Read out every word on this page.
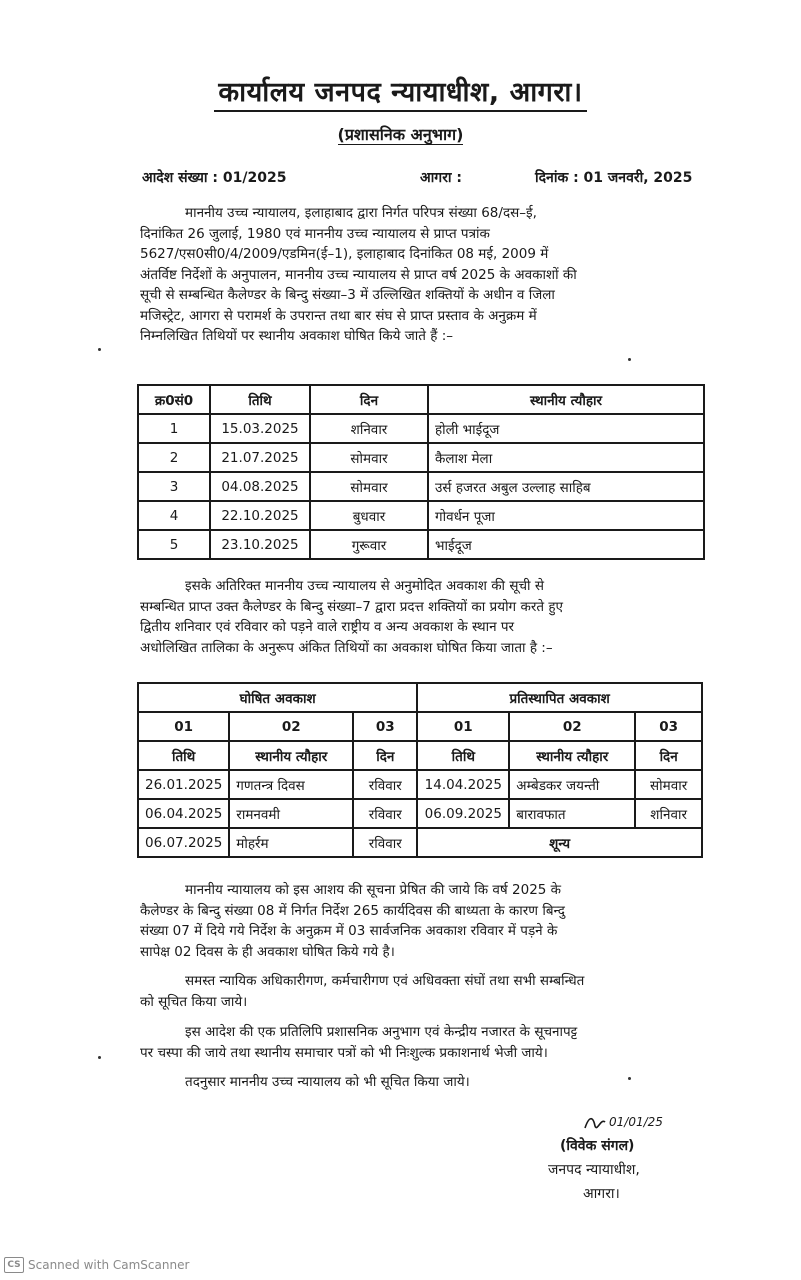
कार्यालय जनपद न्यायाधीश, आगरा।
(प्रशासनिक अनुभाग)
आदेश संख्या : 01/2025	आगरा :	दिनांक : 01 जनवरी, 2025
माननीय उच्च न्यायालय, इलाहाबाद द्वारा निर्गत परिपत्र संख्या 68/दस–ई,
दिनांकित 26 जुलाई, 1980 एवं माननीय उच्च न्यायालय से प्राप्त पत्रांक
5627/एस0सी0/4/2009/एडमिन(ई–1), इलाहाबाद दिनांकित 08 मई, 2009 में
अंतर्विष्ट निर्देशों के अनुपालन, माननीय उच्च न्यायालय से प्राप्त वर्ष 2025 के अवकाशों की
सूची से सम्बन्धित कैलेण्डर के बिन्दु संख्या–3 में उल्लिखित शक्तियों के अधीन व जिला
मजिस्ट्रेट, आगरा से परामर्श के उपरान्त तथा बार संघ से प्राप्त प्रस्ताव के अनुक्रम में
निम्नलिखित तिथियों पर स्थानीय अवकाश घोषित किये जाते हैं :–
क्र0सं0	तिथि	दिन	स्थानीय त्यौहार
1	15.03.2025	शनिवार	होली भाईदूज
2	21.07.2025	सोमवार	कैलाश मेला
3	04.08.2025	सोमवार	उर्स हजरत अबुल उल्लाह साहिब
4	22.10.2025	बुधवार	गोवर्धन पूजा
5	23.10.2025	गुरूवार	भाईदूज
इसके अतिरिक्त माननीय उच्च न्यायालय से अनुमोदित अवकाश की सूची से
सम्बन्धित प्राप्त उक्त कैलेण्डर के बिन्दु संख्या–7 द्वारा प्रदत्त शक्तियों का प्रयोग करते हुए
द्वितीय शनिवार एवं रविवार को पड़ने वाले राष्ट्रीय व अन्य अवकाश के स्थान पर
अधोलिखित तालिका के अनुरूप अंकित तिथियों का अवकाश घोषित किया जाता है :–
घोषित अवकाश			प्रतिस्थापित अवकाश		
01	02	03	01	02	03
तिथि	स्थानीय त्यौहार	दिन	तिथि	स्थानीय त्यौहार	दिन
26.01.2025	गणतन्त्र दिवस	रविवार	14.04.2025	अम्बेडकर जयन्ती	सोमवार
06.04.2025	रामनवमी	रविवार	06.09.2025	बारावफात	शनिवार
06.07.2025	मोहर्रम	रविवार	शून्य		
माननीय न्यायालय को इस आशय की सूचना प्रेषित की जाये कि वर्ष 2025 के
कैलेण्डर के बिन्दु संख्या 08 में निर्गत निर्देश 265 कार्यदिवस की बाध्यता के कारण बिन्दु
संख्या 07 में दिये गये निर्देश के अनुक्रम में 03 सार्वजनिक अवकाश रविवार में पड़ने के
सापेक्ष 02 दिवस के ही अवकाश घोषित किये गये है।
समस्त न्यायिक अधिकारीगण, कर्मचारीगण एवं अधिवक्ता संघों तथा सभी सम्बन्धित
को सूचित किया जाये।
इस आदेश की एक प्रतिलिपि प्रशासनिक अनुभाग एवं केन्द्रीय नजारत के सूचनापट्ट
पर चस्पा की जाये तथा स्थानीय समाचार पत्रों को भी निःशुल्क प्रकाशनार्थ भेजी जाये।
तदनुसार माननीय उच्च न्यायालय को भी सूचित किया जाये।
01/01/25
(विवेक संगल)
जनपद न्यायाधीश,
आगरा।
CS Scanned with CamScanner
